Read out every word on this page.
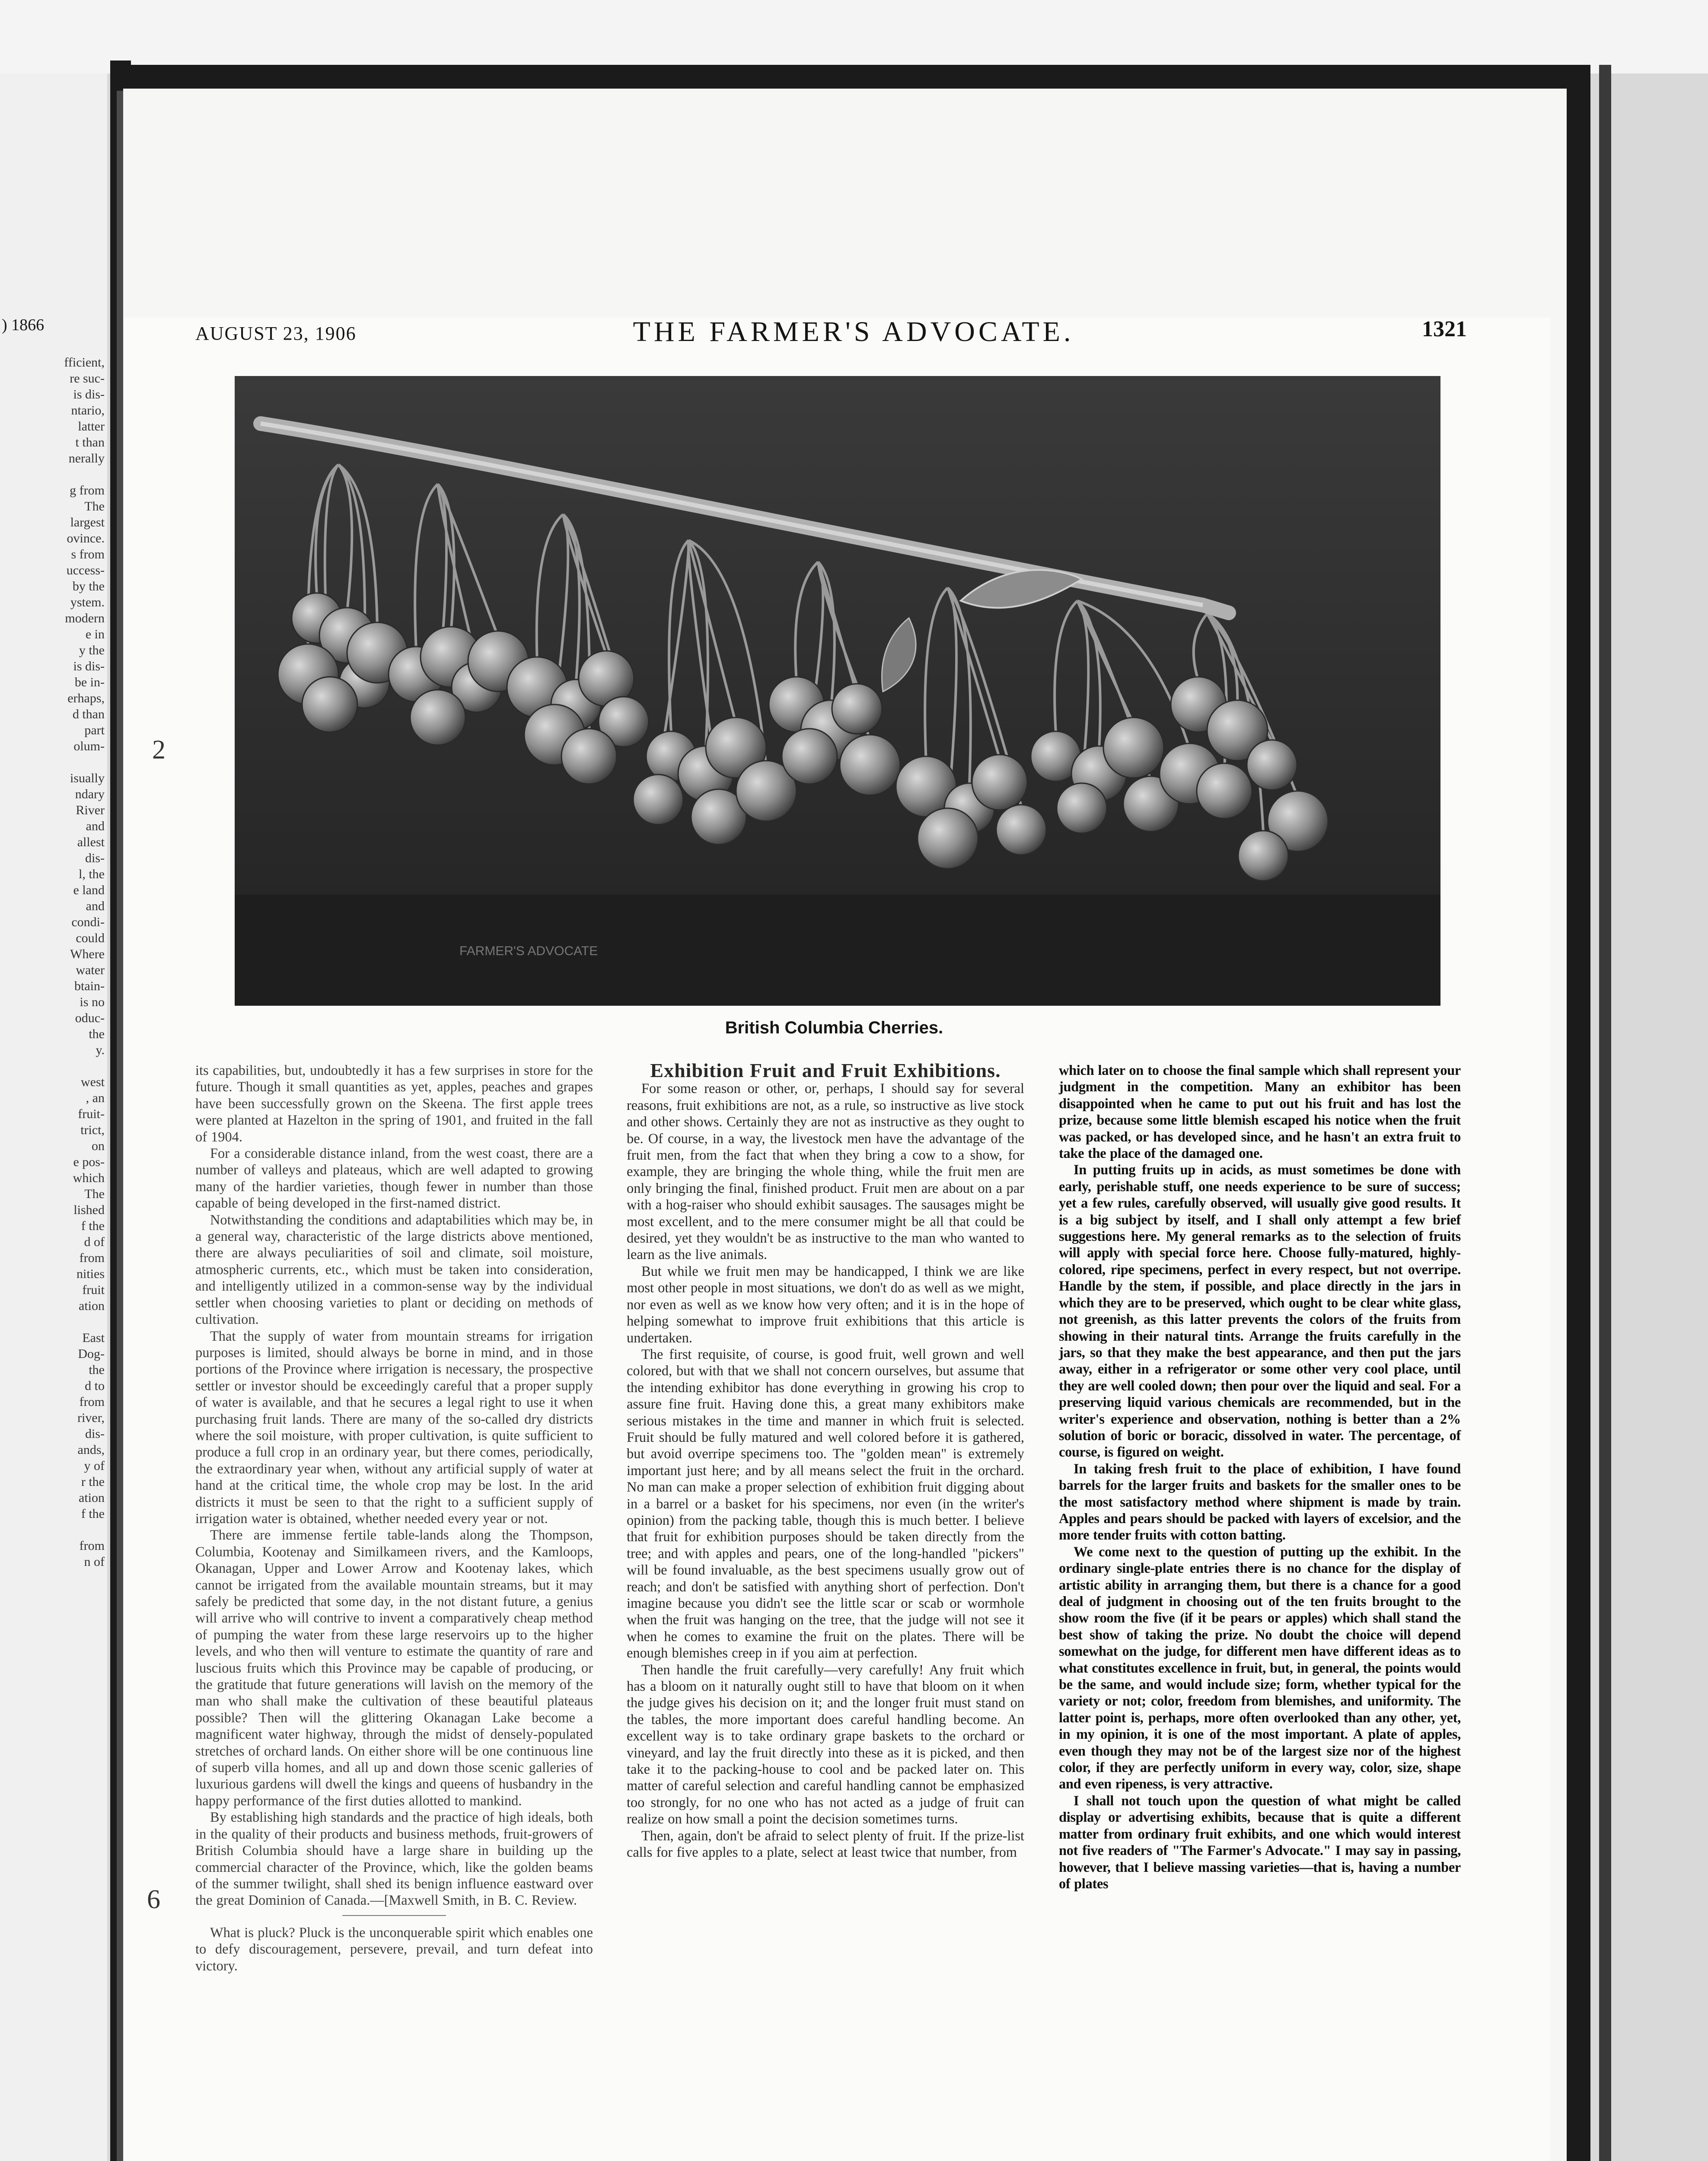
) 1866
fficient,
re suc-
is dis-
ntario,
latter
t than
nerally

g from
The
largest
ovince.
s from
uccess-
by the
ystem.
modern
e in
y the
is dis-
be in-
erhaps,
d than
part
olum-

isually
ndary
River
and
allest
dis-
l, the
e land
and
condi-
could
Where
water
btain-
is no
oduc-
the
y.

west
, an
fruit-
trict,
on
e pos-
which
The
lished
f the
d of
from
nities
fruit
ation

East
Dog-
the
d to
from
river,
dis-
ands,
y of
r the
ation
f the

from
n of
2
6
AUGUST 23, 1906	THE FARMER'S ADVOCATE.	1321
FARMER'S ADVOCATE
British Columbia Cherries.

its capabilities, but, undoubtedly it has a few surprises in store for the future. Though it small quantities as yet, apples, peaches and grapes have been successfully grown on the Skeena. The first apple trees were planted at Hazelton in the spring of 1901, and fruited in the fall of 1904.

For a considerable distance inland, from the west coast, there are a number of valleys and plateaus, which are well adapted to growing many of the hardier varieties, though fewer in number than those capable of being developed in the first-named district.

Notwithstanding the conditions and adaptabilities which may be, in a general way, characteristic of the large districts above mentioned, there are always peculiarities of soil and climate, soil moisture, atmospheric currents, etc., which must be taken into consideration, and intelligently utilized in a common-sense way by the individual settler when choosing varieties to plant or deciding on methods of cultivation.

That the supply of water from mountain streams for irrigation purposes is limited, should always be borne in mind, and in those portions of the Province where irrigation is necessary, the prospective settler or investor should be exceedingly careful that a proper supply of water is available, and that he secures a legal right to use it when purchasing fruit lands. There are many of the so-called dry districts where the soil moisture, with proper cultivation, is quite sufficient to produce a full crop in an ordinary year, but there comes, periodically, the extraordinary year when, without any artificial supply of water at hand at the critical time, the whole crop may be lost. In the arid districts it must be seen to that the right to a sufficient supply of irrigation water is obtained, whether needed every year or not.

There are immense fertile table-lands along the Thompson, Columbia, Kootenay and Similkameen rivers, and the Kamloops, Okanagan, Upper and Lower Arrow and Kootenay lakes, which cannot be irrigated from the available mountain streams, but it may safely be predicted that some day, in the not distant future, a genius will arrive who will contrive to invent a comparatively cheap method of pumping the water from these large reservoirs up to the higher levels, and who then will venture to estimate the quantity of rare and luscious fruits which this Province may be capable of producing, or the gratitude that future generations will lavish on the memory of the man who shall make the cultivation of these beautiful plateaus possible? Then will the glittering Okanagan Lake become a magnificent water highway, through the midst of densely-populated stretches of orchard lands. On either shore will be one continuous line of superb villa homes, and all up and down those scenic galleries of luxurious gardens will dwell the kings and queens of husbandry in the happy performance of the first duties allotted to mankind.

By establishing high standards and the practice of high ideals, both in the quality of their products and business methods, fruit-growers of British Columbia should have a large share in building up the commercial character of the Province, which, like the golden beams of the summer twilight, shall shed its benign influence eastward over the great Dominion of Canada.—[Maxwell Smith, in B. C. Review.

What is pluck? Pluck is the unconquerable spirit which enables one to defy discouragement, persevere, prevail, and turn defeat into victory.

Exhibition Fruit and Fruit Exhibitions.

For some reason or other, or, perhaps, I should say for several reasons, fruit exhibitions are not, as a rule, so instructive as live stock and other shows. Certainly they are not as instructive as they ought to be. Of course, in a way, the livestock men have the advantage of the fruit men, from the fact that when they bring a cow to a show, for example, they are bringing the whole thing, while the fruit men are only bringing the final, finished product. Fruit men are about on a par with a hog-raiser who should exhibit sausages. The sausages might be most excellent, and to the mere consumer might be all that could be desired, yet they wouldn't be as instructive to the man who wanted to learn as the live animals.

But while we fruit men may be handicapped, I think we are like most other people in most situations, we don't do as well as we might, nor even as well as we know how very often; and it is in the hope of helping somewhat to improve fruit exhibitions that this article is undertaken.

The first requisite, of course, is good fruit, well grown and well colored, but with that we shall not concern ourselves, but assume that the intending exhibitor has done everything in growing his crop to assure fine fruit. Having done this, a great many exhibitors make serious mistakes in the time and manner in which fruit is selected. Fruit should be fully matured and well colored before it is gathered, but avoid overripe specimens too. The "golden mean" is extremely important just here; and by all means select the fruit in the orchard. No man can make a proper selection of exhibition fruit digging about in a barrel or a basket for his specimens, nor even (in the writer's opinion) from the packing table, though this is much better. I believe that fruit for exhibition purposes should be taken directly from the tree; and with apples and pears, one of the long-handled "pickers" will be found invaluable, as the best specimens usually grow out of reach; and don't be satisfied with anything short of perfection. Don't imagine because you didn't see the little scar or scab or wormhole when the fruit was hanging on the tree, that the judge will not see it when he comes to examine the fruit on the plates. There will be enough blemishes creep in if you aim at perfection.

Then handle the fruit carefully—very carefully! Any fruit which has a bloom on it naturally ought still to have that bloom on it when the judge gives his decision on it; and the longer fruit must stand on the tables, the more important does careful handling become. An excellent way is to take ordinary grape baskets to the orchard or vineyard, and lay the fruit directly into these as it is picked, and then take it to the packing-house to cool and be packed later on. This matter of careful selection and careful handling cannot be emphasized too strongly, for no one who has not acted as a judge of fruit can realize on how small a point the decision sometimes turns.

Then, again, don't be afraid to select plenty of fruit. If the prize-list calls for five apples to a plate, select at least twice that number, from

which later on to choose the final sample which shall represent your judgment in the competition. Many an exhibitor has been disappointed when he came to put out his fruit and has lost the prize, because some little blemish escaped his notice when the fruit was packed, or has developed since, and he hasn't an extra fruit to take the place of the damaged one.

In putting fruits up in acids, as must sometimes be done with early, perishable stuff, one needs experience to be sure of success; yet a few rules, carefully observed, will usually give good results. It is a big subject by itself, and I shall only attempt a few brief suggestions here. My general remarks as to the selection of fruits will apply with special force here. Choose fully-matured, highly-colored, ripe specimens, perfect in every respect, but not overripe. Handle by the stem, if possible, and place directly in the jars in which they are to be preserved, which ought to be clear white glass, not greenish, as this latter prevents the colors of the fruits from showing in their natural tints. Arrange the fruits carefully in the jars, so that they make the best appearance, and then put the jars away, either in a refrigerator or some other very cool place, until they are well cooled down; then pour over the liquid and seal. For a preserving liquid various chemicals are recommended, but in the writer's experience and observation, nothing is better than a 2% solution of boric or boracic, dissolved in water. The percentage, of course, is figured on weight.

In taking fresh fruit to the place of exhibition, I have found barrels for the larger fruits and baskets for the smaller ones to be the most satisfactory method where shipment is made by train. Apples and pears should be packed with layers of excelsior, and the more tender fruits with cotton batting.

We come next to the question of putting up the exhibit. In the ordinary single-plate entries there is no chance for the display of artistic ability in arranging them, but there is a chance for a good deal of judgment in choosing out of the ten fruits brought to the show room the five (if it be pears or apples) which shall stand the best show of taking the prize. No doubt the choice will depend somewhat on the judge, for different men have different ideas as to what constitutes excellence in fruit, but, in general, the points would be the same, and would include size; form, whether typical for the variety or not; color, freedom from blemishes, and uniformity. The latter point is, perhaps, more often overlooked than any other, yet, in my opinion, it is one of the most important. A plate of apples, even though they may not be of the largest size nor of the highest color, if they are perfectly uniform in every way, color, size, shape and even ripeness, is very attractive.

I shall not touch upon the question of what might be called display or advertising exhibits, because that is quite a different matter from ordinary fruit exhibits, and one which would interest not five readers of "The Farmer's Advocate." I may say in passing, however, that I believe massing varieties—that is, having a number of plates
